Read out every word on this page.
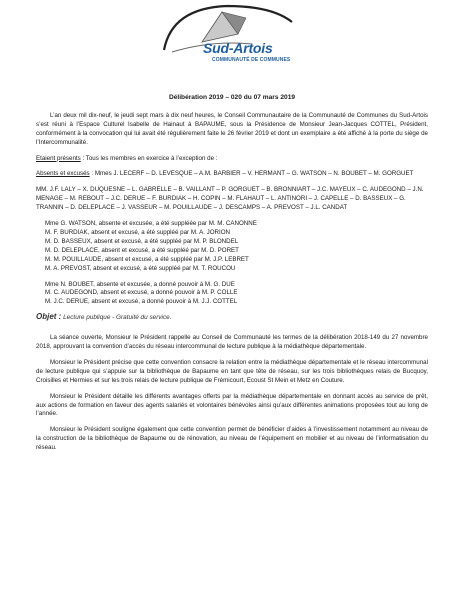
Sud-Artois
COMMUNAUTÉ DE COMMUNES
Délibération 2019 – 020 du 07 mars 2019

L’an deux mil dix-neuf, le jeudi sept mars à dix neuf heures, le Conseil Communautaire de la Communauté de Communes du Sud-Artois s’est réuni à l’Espace Culturel Isabelle de Hainaut à BAPAUME, sous la Présidence de Monsieur Jean-Jacques COTTEL, Président, conformément à la convocation qui lui avait été régulièrement faite le 26 février 2019 et dont un exemplaire a été affiché à la porte du siège de l’Intercommunalité.

Etaient présents : Tous les membres en exercice à l’exception de :

Absents et excusés : Mmes J. LECERF – D. LEVESQUE – A.M. BARBIER – V. HERMANT – G. WATSON – N. BOUBET – M. GORGUET

MM. J.F. LALY – X. DUQUESNE – L. GABRELLE – B. VAILLANT – P. GORGUET – B. BRONNIART – J.C. MAYEUX – C. AUDEGOND – J.N. MENAGE – M. REBOUT – J.C. DERUE – F. BURDIAK – H. COPIN – M. FLAHAUT – L. ANTINORI – J. CAPELLE – D. BASSEUX – G. TRANNIN – D. DELEPLACE – J. VASSEUR – M. POUILLAUDE – J. DESCAMPS – A. PREVOST – J.L. CANDAT

Mme G. WATSON, absente et excusée, a été suppléée par M. M. CANONNE

M. F. BURDIAK, absent et excusé, a été suppléé par M. A. JORION

M. D. BASSEUX, absent et excusé, a été suppléé par M. P. BLONDEL

M. D. DELEPLACE, absent et excusé, a été suppléé par M. D. PORET

M. M. POUILLAUDE, absent et excusé, a été suppléé par M. J.P. LEBRET

M. A. PREVOST, absent et excusé, a été suppléé par M. T. ROUCOU

Mme N. BOUBET, absente et excusée, a donné pouvoir à M. G. DUE

M. C. AUDEGOND, absent et excusé, a donné pouvoir à M. P. COLLE

M. J.C. DERUE, absent et excusé, a donné pouvoir à M. J.J. COTTEL

Objet : Lecture publique - Gratuité du service.

La séance ouverte, Monsieur le Président rappelle au Conseil de Communauté les termes de la délibération 2018-149 du 27 novembre 2018, approuvant la convention d’accès du réseau intercommunal de lecture publique à la médiathèque départementale.

Monsieur le Président précise que cette convention consacre la relation entre la médiathèque départementale et le réseau intercommunal de lecture publique qui s’appuie sur la bibliothèque de Bapaume en tant que tête de réseau, sur les trois bibliothèques relais de Bucquoy, Croisilles et Hermies et sur les trois relais de lecture publique de Frémicourt, Ecoust St Mein et Metz en Couture.

Monsieur le Président détaille les différents avantages offerts par la médiathèque départementale en donnant accès au service de prêt, aux actions de formation en faveur des agents salariés et volontaires bénévoles ainsi qu’aux différentes animations proposées tout au long de l’année.

Monsieur le Président souligne également que cette convention permet de bénéficier d’aides à l’investissement notamment au niveau de la construction de la bibliothèque de Bapaume ou de rénovation, au niveau de l’équipement en mobilier et au niveau de l’informatisation du réseau.
